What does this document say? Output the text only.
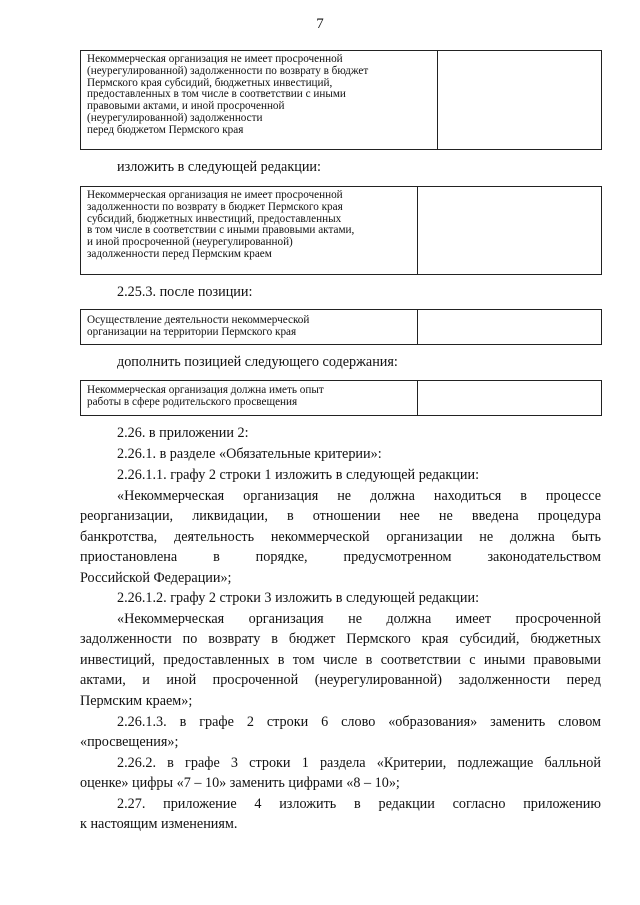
7
Некоммерческая организация не имеет просроченной
(неурегулированной) задолженности по возврату в бюджет
Пермского края субсидий, бюджетных инвестиций,
предоставленных в том числе в соответствии с иными
правовыми актами, и иной просроченной
(неурегулированной) задолженности
перед бюджетом Пермского края
изложить в следующей редакции:
Некоммерческая организация не имеет просроченной
задолженности по возврату в бюджет Пермского края
субсидий, бюджетных инвестиций, предоставленных
в том числе в соответствии с иными правовыми актами,
и иной просроченной (неурегулированной)
задолженности перед Пермским краем
2.25.3. после позиции:
Осуществление деятельности некоммерческой
организации на территории Пермского края
дополнить позицией следующего содержания:
Некоммерческая организация должна иметь опыт
работы в сфере родительского просвещения
2.26. в приложении 2:
2.26.1. в разделе «Обязательные критерии»:
2.26.1.1. графу 2 строки 1 изложить в следующей редакции:
«Некоммерческая организация не должна находиться в процессе
реорганизации, ликвидации, в отношении нее не введена процедура
банкротства, деятельность некоммерческой организации не должна быть
приостановлена в порядке, предусмотренном законодательством
Российской Федерации»;
2.26.1.2. графу 2 строки 3 изложить в следующей редакции:
«Некоммерческая организация не должна имеет просроченной
задолженности по возврату в бюджет Пермского края субсидий, бюджетных
инвестиций, предоставленных в том числе в соответствии с иными правовыми
актами, и иной просроченной (неурегулированной) задолженности перед
Пермским краем»;
2.26.1.3. в графе 2 строки 6 слово «образования» заменить словом
«просвещения»;
2.26.2. в графе 3 строки 1 раздела «Критерии, подлежащие балльной
оценке» цифры «7 – 10» заменить цифрами «8 – 10»;
2.27. приложение 4 изложить в редакции согласно приложению
к настоящим изменениям.
